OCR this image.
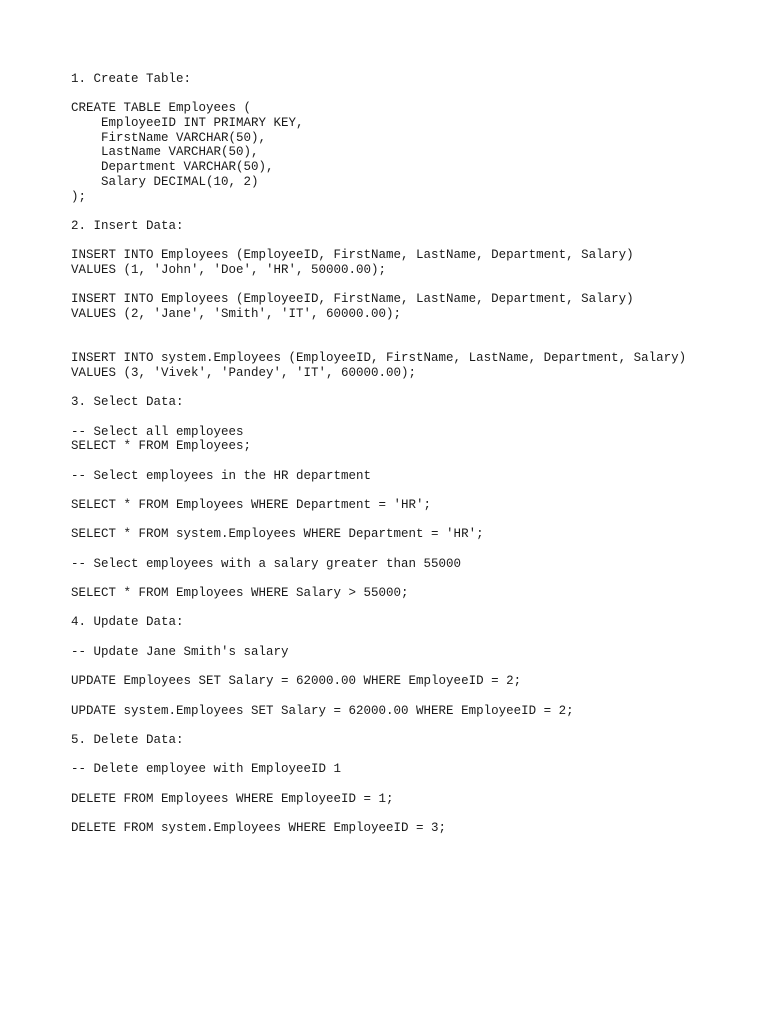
1. Create Table:
CREATE TABLE Employees (
EmployeeID INT PRIMARY KEY,
FirstName VARCHAR(50),
LastName VARCHAR(50),
Department VARCHAR(50),
Salary DECIMAL(10, 2)
);
2. Insert Data:
INSERT INTO Employees (EmployeeID, FirstName, LastName, Department, Salary)
VALUES (1, 'John', 'Doe', 'HR', 50000.00);
INSERT INTO Employees (EmployeeID, FirstName, LastName, Department, Salary)
VALUES (2, 'Jane', 'Smith', 'IT', 60000.00);
INSERT INTO system.Employees (EmployeeID, FirstName, LastName, Department, Salary)
VALUES (3, 'Vivek', 'Pandey', 'IT', 60000.00);
3. Select Data:
-- Select all employees
SELECT * FROM Employees;
-- Select employees in the HR department
SELECT * FROM Employees WHERE Department = 'HR';
SELECT * FROM system.Employees WHERE Department = 'HR';
-- Select employees with a salary greater than 55000
SELECT * FROM Employees WHERE Salary > 55000;
4. Update Data:
-- Update Jane Smith's salary
UPDATE Employees SET Salary = 62000.00 WHERE EmployeeID = 2;
UPDATE system.Employees SET Salary = 62000.00 WHERE EmployeeID = 2;
5. Delete Data:
-- Delete employee with EmployeeID 1
DELETE FROM Employees WHERE EmployeeID = 1;
DELETE FROM system.Employees WHERE EmployeeID = 3;
